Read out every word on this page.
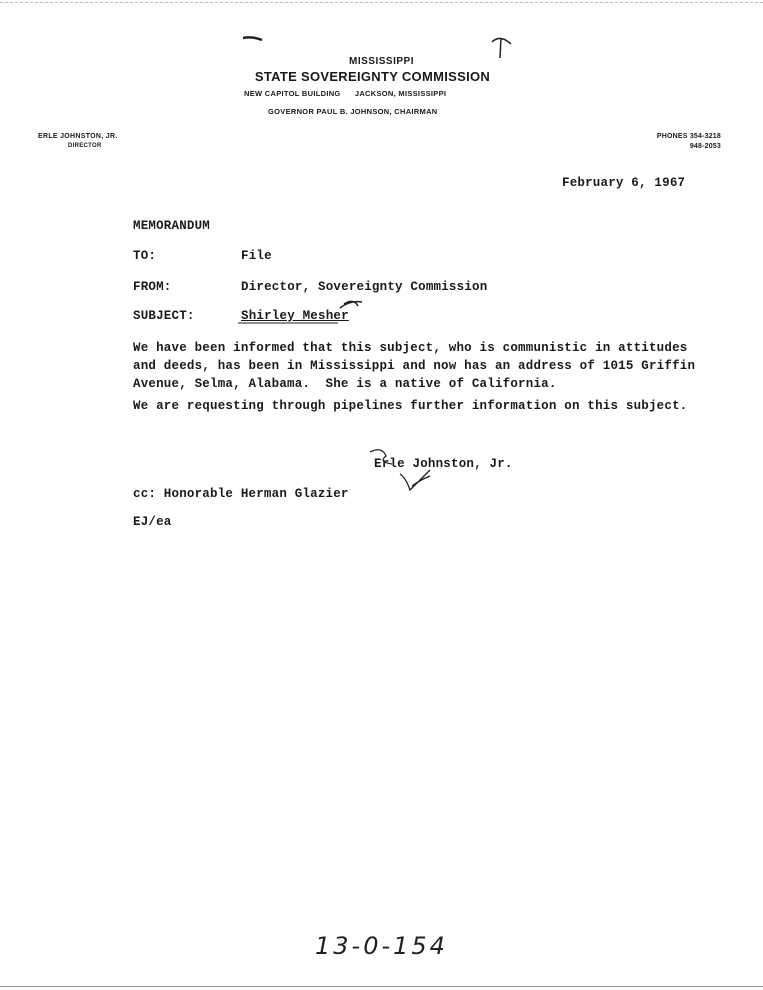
MISSISSIPPI
STATE SOVEREIGNTY COMMISSION
NEW CAPITOL BUILDING      JACKSON, MISSISSIPPI
GOVERNOR PAUL B. JOHNSON, CHAIRMAN
ERLE JOHNSTON, JR.
DIRECTOR
PHONES 354-3218
948-2053
February 6, 1967
MEMORANDUM
TO:	File
FROM:	Director, Sovereignty Commission
SUBJECT:	Shirley Mesher
We have been informed that this subject, who is communistic in attitudes
and deeds, has been in Mississippi and now has an address of 1015 Griffin
Avenue, Selma, Alabama.  She is a native of California.
We are requesting through pipelines further information on this subject.
Erle Johnston, Jr.
cc: Honorable Herman Glazier
EJ/ea
13-0-154
